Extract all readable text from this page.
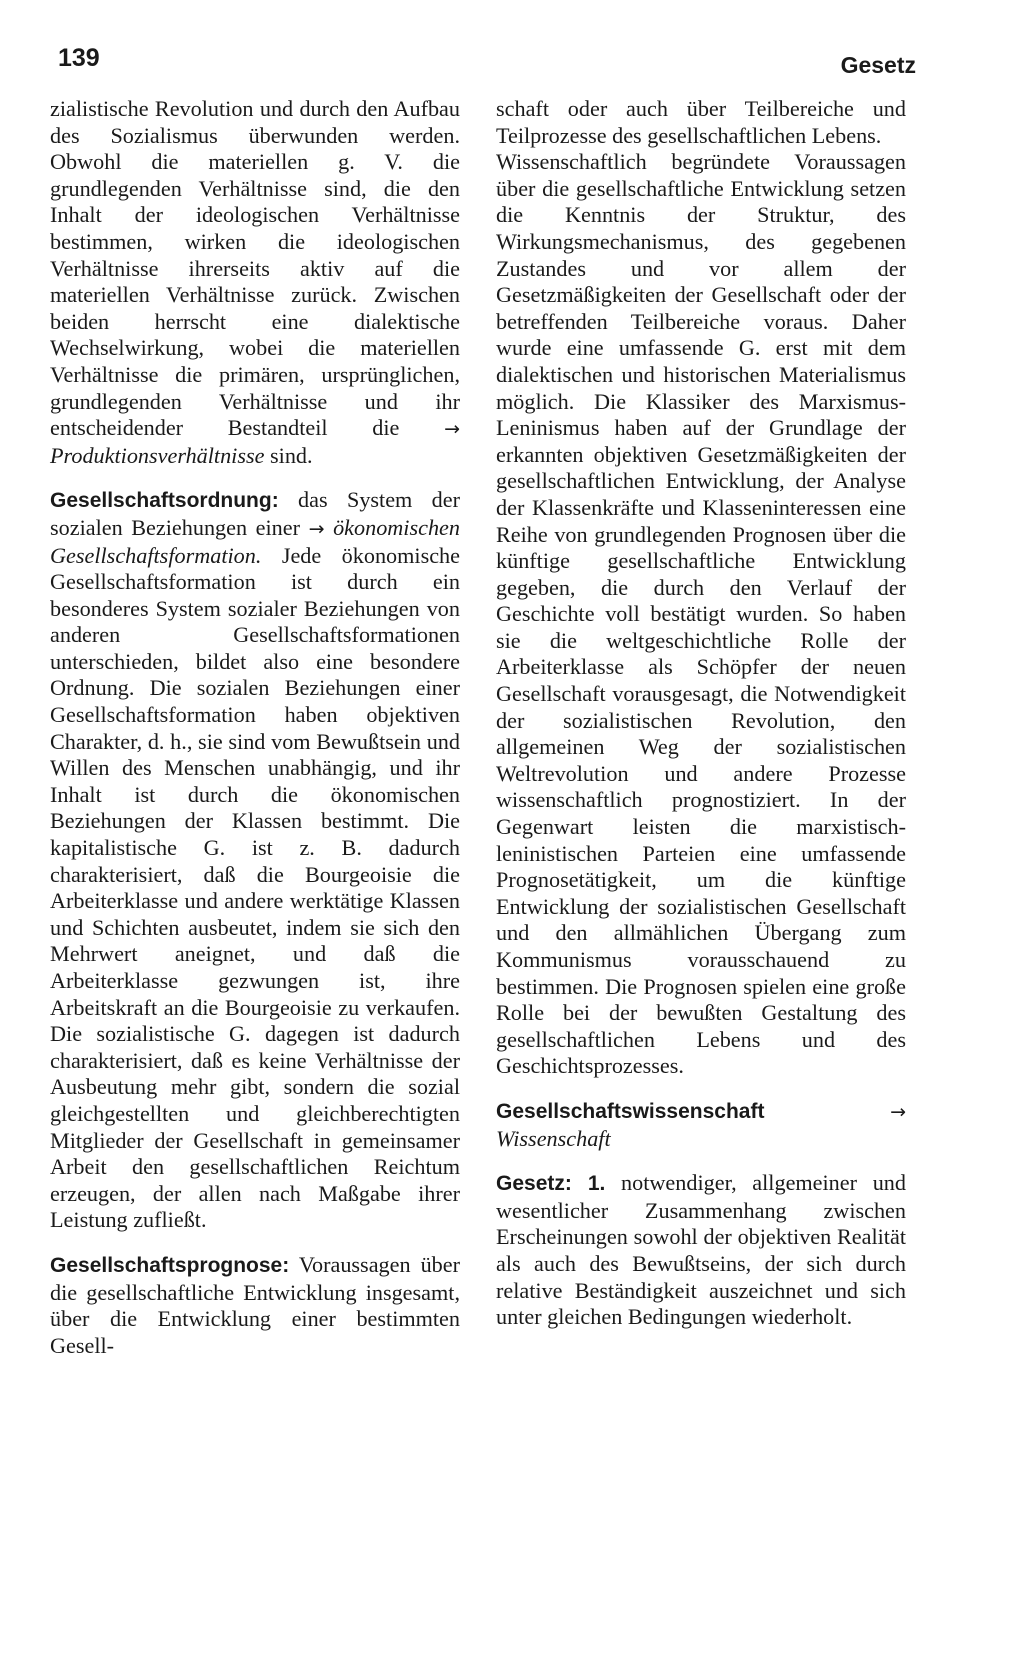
139	Gesetz

zialistische Revolution und durch den Aufbau des Sozialismus überwunden werden. Obwohl die materiellen g. V. die grundlegenden Verhältnisse sind, die den Inhalt der ideologischen Verhältnisse bestimmen, wirken die ideologischen Verhältnisse ihrerseits aktiv auf die materiellen Verhältnisse zurück. Zwischen beiden herrscht eine dialektische Wechselwirkung, wobei die materiellen Verhältnisse die primären, ursprünglichen, grundlegenden Verhältnisse und ihr entscheidender Bestandteil die → Produktionsverhältnisse sind.

Gesellschaftsordnung: das System der sozialen Beziehungen einer → ökonomischen Gesellschaftsformation. Jede ökonomische Gesellschaftsformation ist durch ein besonderes System sozialer Beziehungen von anderen Gesellschaftsformationen unterschieden, bildet also eine besondere Ordnung. Die sozialen Beziehungen einer Gesellschaftsformation haben objektiven Charakter, d. h., sie sind vom Bewußtsein und Willen des Menschen unabhängig, und ihr Inhalt ist durch die ökonomischen Beziehungen der Klassen bestimmt. Die kapitalistische G. ist z. B. dadurch charakterisiert, daß die Bourgeoisie die Arbeiterklasse und andere werktätige Klassen und Schichten ausbeutet, indem sie sich den Mehrwert aneignet, und daß die Arbeiterklasse gezwungen ist, ihre Arbeitskraft an die Bourgeoisie zu verkaufen. Die sozialistische G. dagegen ist dadurch charakterisiert, daß es keine Verhältnisse der Ausbeutung mehr gibt, sondern die sozial gleichgestellten und gleichberechtigten Mitglieder der Gesellschaft in gemeinsamer Arbeit den gesellschaftlichen Reichtum erzeugen, der allen nach Maßgabe ihrer Leistung zufließt.

Gesellschaftsprognose: Voraussagen über die gesellschaftliche Entwicklung insgesamt, über die Entwicklung einer bestimmten Gesell-

schaft oder auch über Teilbereiche und Teilprozesse des gesellschaftlichen Lebens.

Wissenschaftlich begründete Voraussagen über die gesellschaftliche Entwicklung setzen die Kenntnis der Struktur, des Wirkungsmechanismus, des gegebenen Zustandes und vor allem der Gesetzmäßigkeiten der Gesellschaft oder der betreffenden Teilbereiche voraus. Daher wurde eine umfassende G. erst mit dem dialektischen und historischen Materialismus möglich. Die Klassiker des Marxismus-Leninismus haben auf der Grundlage der erkannten objektiven Gesetzmäßigkeiten der gesellschaftlichen Entwicklung, der Analyse der Klassenkräfte und Klasseninteressen eine Reihe von grundlegenden Prognosen über die künftige gesellschaftliche Entwicklung gegeben, die durch den Verlauf der Geschichte voll bestätigt wurden. So haben sie die weltgeschichtliche Rolle der Arbeiterklasse als Schöpfer der neuen Gesellschaft vorausgesagt, die Notwendigkeit der sozialistischen Revolution, den allgemeinen Weg der sozialistischen Weltrevolution und andere Prozesse wissenschaftlich prognostiziert. In der Gegenwart leisten die marxistisch-leninistischen Parteien eine umfassende Prognosetätigkeit, um die künftige Entwicklung der sozialistischen Gesellschaft und den allmählichen Übergang zum Kommunismus vorausschauend zu bestimmen. Die Prognosen spielen eine große Rolle bei der bewußten Gestaltung des gesellschaftlichen Lebens und des Geschichtsprozesses.

Gesellschaftswissenschaft	→ Wissenschaft

Gesetz: 1. notwendiger, allgemeiner und wesentlicher Zusammenhang zwischen Erscheinungen sowohl der objektiven Realität als auch des Bewußtseins, der sich durch relative Beständigkeit auszeichnet und sich unter gleichen Bedingungen wiederholt.
